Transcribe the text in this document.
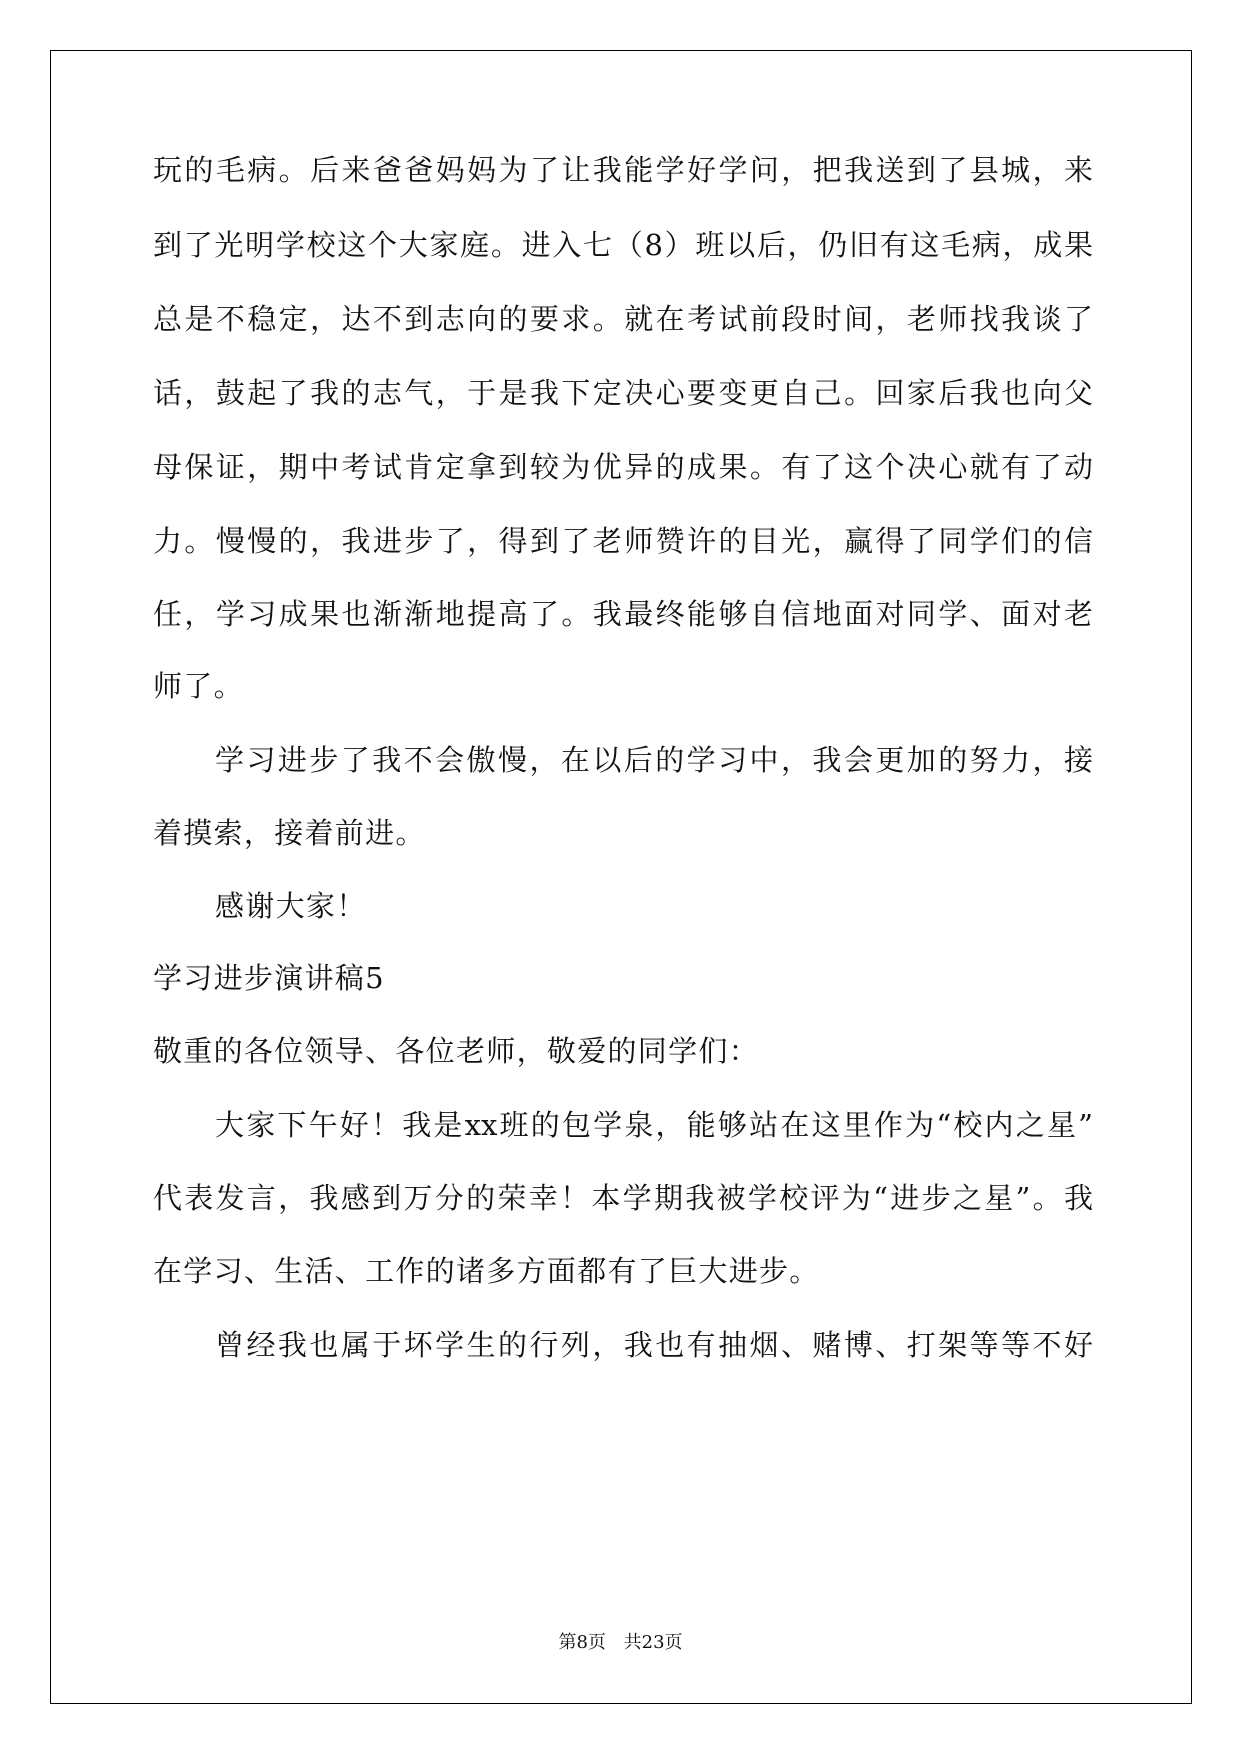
玩的毛病。后来爸爸妈妈为了让我能学好学问，把我送到了县城，来
到了光明学校这个大家庭。进入七（8）班以后，仍旧有这毛病，成果
总是不稳定，达不到志向的要求。就在考试前段时间，老师找我谈了
话，鼓起了我的志气，于是我下定决心要变更自己。回家后我也向父
母保证，期中考试肯定拿到较为优异的成果。有了这个决心就有了动
力。慢慢的，我进步了，得到了老师赞许的目光，赢得了同学们的信
任，学习成果也渐渐地提高了。我最终能够自信地面对同学、面对老
师了。
学习进步了我不会傲慢，在以后的学习中，我会更加的努力，接
着摸索，接着前进。
感谢大家！
学习进步演讲稿5
敬重的各位领导、各位老师，敬爱的同学们：
大家下午好！我是xx班的包学泉，能够站在这里作为“校内之星”
代表发言，我感到万分的荣幸！本学期我被学校评为“进步之星”。我
在学习、生活、工作的诸多方面都有了巨大进步。
曾经我也属于坏学生的行列，我也有抽烟、赌博、打架等等不好
第8页 共23页
